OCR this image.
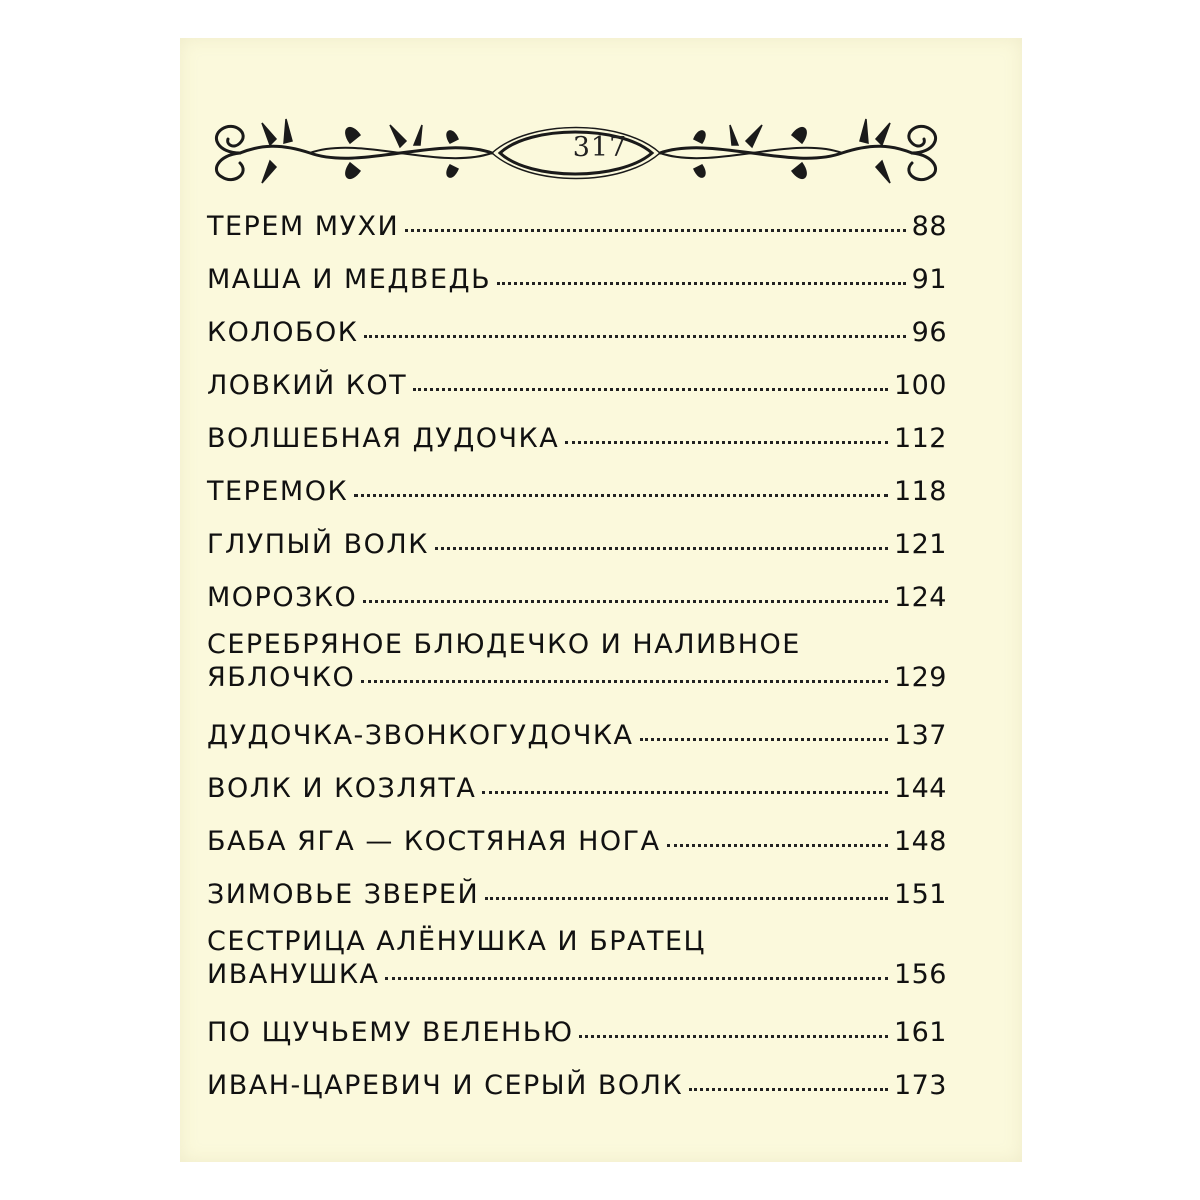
317
ТЕРЕМ МУХИ	88
МАША И МЕДВЕДЬ	91
КОЛОБОК	96
ЛОВКИЙ КОТ	100
ВОЛШЕБНАЯ ДУДОЧКА	112
ТЕРЕМОК	118
ГЛУПЫЙ ВОЛК	121
МОРОЗКО	124
СЕРЕБРЯНОЕ БЛЮДЕЧКО И НАЛИВНОЕ
ЯБЛОЧКО	129
ДУДОЧКА-ЗВОНКОГУДОЧКА	137
ВОЛК И КОЗЛЯТА	144
БАБА ЯГА — КОСТЯНАЯ НОГА	148
ЗИМОВЬЕ ЗВЕРЕЙ	151
СЕСТРИЦА АЛЁНУШКА И БРАТЕЦ
ИВАНУШКА	156
ПО ЩУЧЬЕМУ ВЕЛЕНЬЮ	161
ИВАН-ЦАРЕВИЧ И СЕРЫЙ ВОЛК	173
